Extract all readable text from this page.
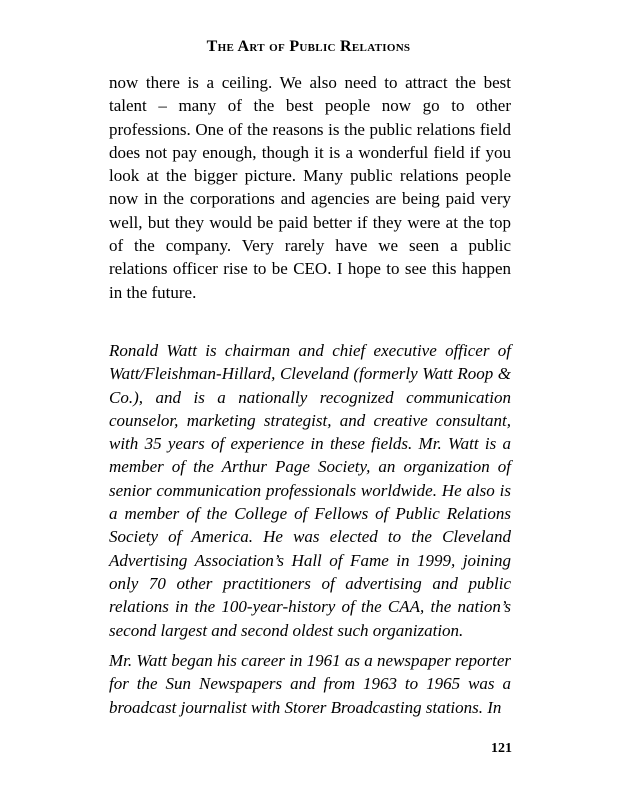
The Art of Public Relations

now there is a ceiling. We also need to attract the best talent – many of the best people now go to other professions. One of the reasons is the public relations field does not pay enough, though it is a wonderful field if you look at the bigger picture. Many public relations people now in the corporations and agencies are being paid very well, but they would be paid better if they were at the top of the company. Very rarely have we seen a public relations officer rise to be CEO. I hope to see this happen in the future.

Ronald Watt is chairman and chief executive officer of Watt/Fleishman-Hillard, Cleveland (formerly Watt Roop & Co.), and is a nationally recognized communication counselor, marketing strategist, and creative consultant, with 35 years of experience in these fields. Mr. Watt is a member of the Arthur Page Society, an organization of senior communication professionals worldwide. He also is a member of the College of Fellows of Public Relations Society of America. He was elected to the Cleveland Advertising Association’s Hall of Fame in 1999, joining only 70 other practitioners of advertising and public relations in the 100-year-history of the CAA, the nation’s second largest and second oldest such organization.

Mr. Watt began his career in 1961 as a newspaper reporter for the Sun Newspapers and from 1963 to 1965 was a broadcast journalist with Storer Broadcasting stations. In

121
